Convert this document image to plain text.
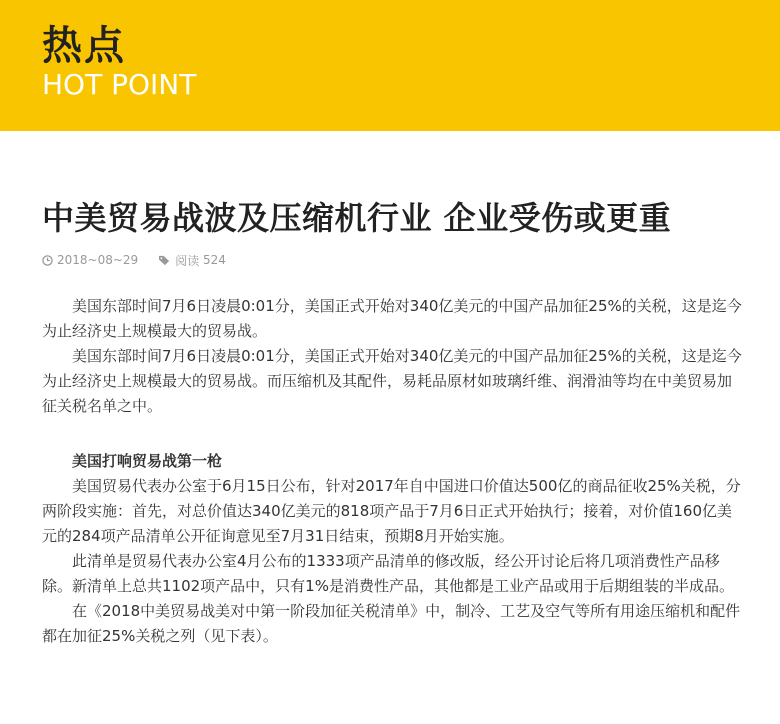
热点
HOT POINT
中美贸易战波及压缩机行业 企业受伤或更重
2018~08~29	阅读
524

美国东部时间7月6日凌晨0:01分，美国正式开始对340亿美元的中国产品加征25%的关税，这是迄今为止经济史上规模最大的贸易战。

美国东部时间7月6日凌晨0:01分，美国正式开始对340亿美元的中国产品加征25%的关税，这是迄今为止经济史上规模最大的贸易战。而压缩机及其配件，易耗品原材如玻璃纤维、润滑油等均在中美贸易加征关税名单之中。

美国打响贸易战第一枪

美国贸易代表办公室于6月15日公布，针对2017年自中国进口价值达500亿的商品征收25%关税，分两阶段实施：首先，对总价值达340亿美元的818项产品于7月6日正式开始执行；接着，对价值160亿美元的284项产品清单公开征询意见至7月31日结束，预期8月开始实施。

此清单是贸易代表办公室4月公布的1333项产品清单的修改版，经公开讨论后将几项消费性产品移除。新清单上总共1102项产品中，只有1%是消费性产品，其他都是工业产品或用于后期组装的半成品。

在《2018中美贸易战美对中第一阶段加征关税清单》中，制冷、工艺及空气等所有用途压缩机和配件都在加征25%关税之列（见下表）。
